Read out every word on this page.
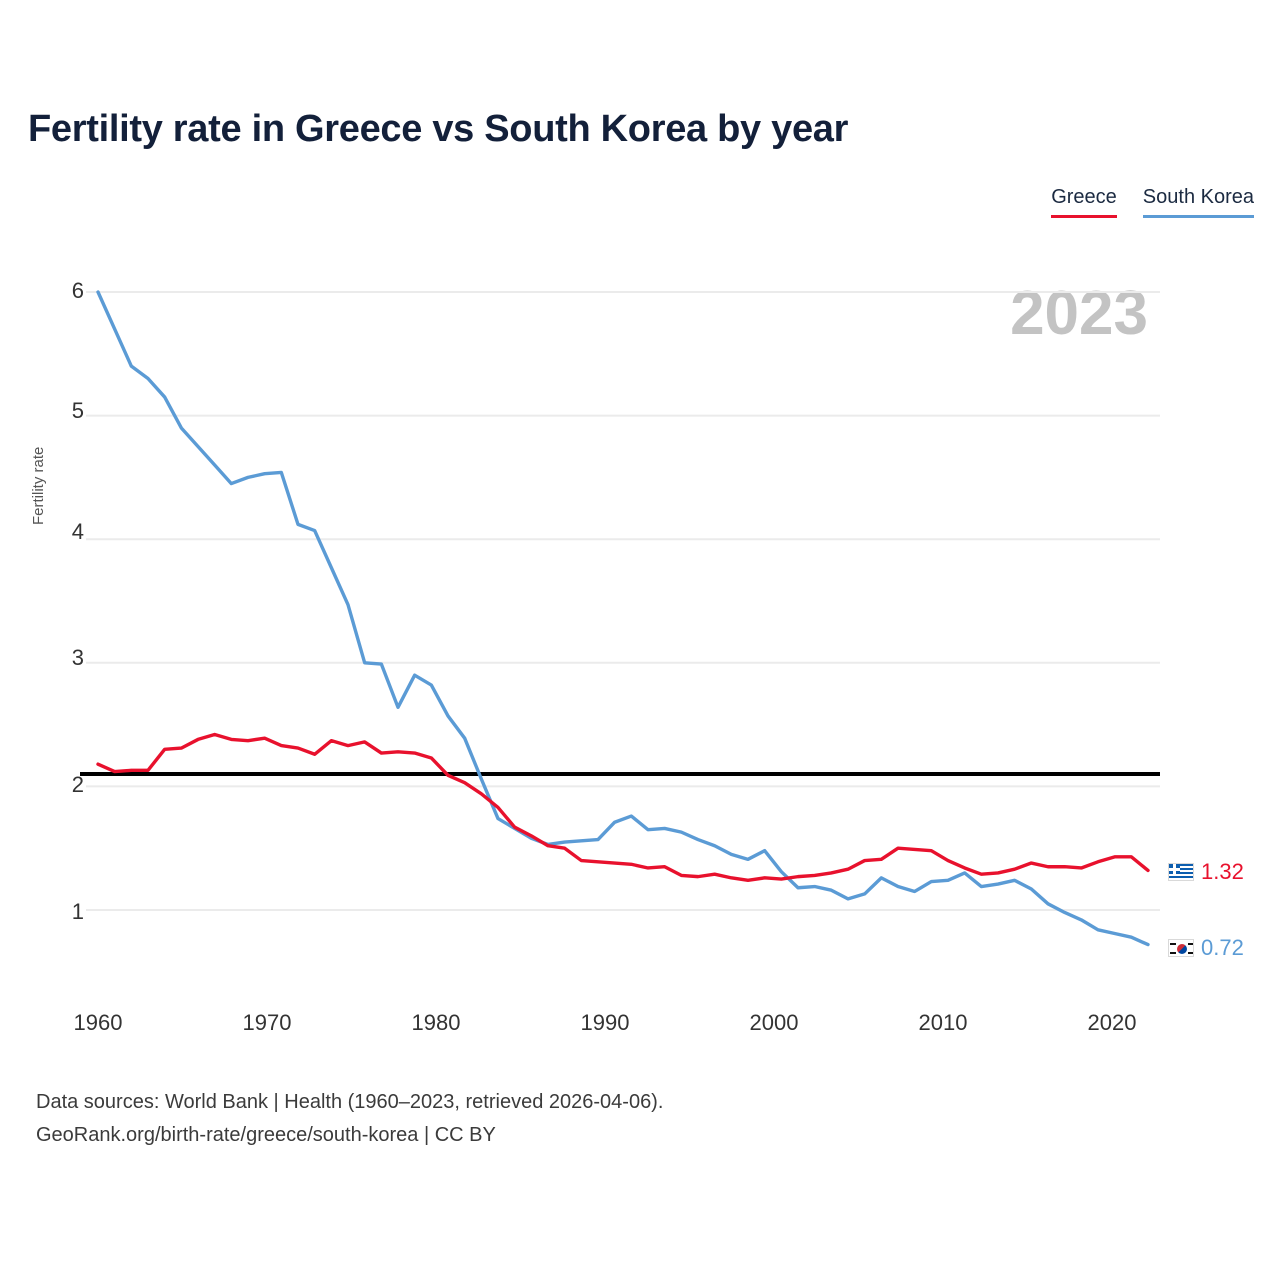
Fertility rate in Greece vs South Korea by year
Greece South Korea
2023
Fertility rate
6
5
4
3
2
1
1960	1970	1980	1990	2000	2010	2020
1.32
0.72
Data sources: World Bank | Health (1960–2023, retrieved 2026-04-06).
GeoRank.org/birth-rate/greece/south-korea | CC BY
